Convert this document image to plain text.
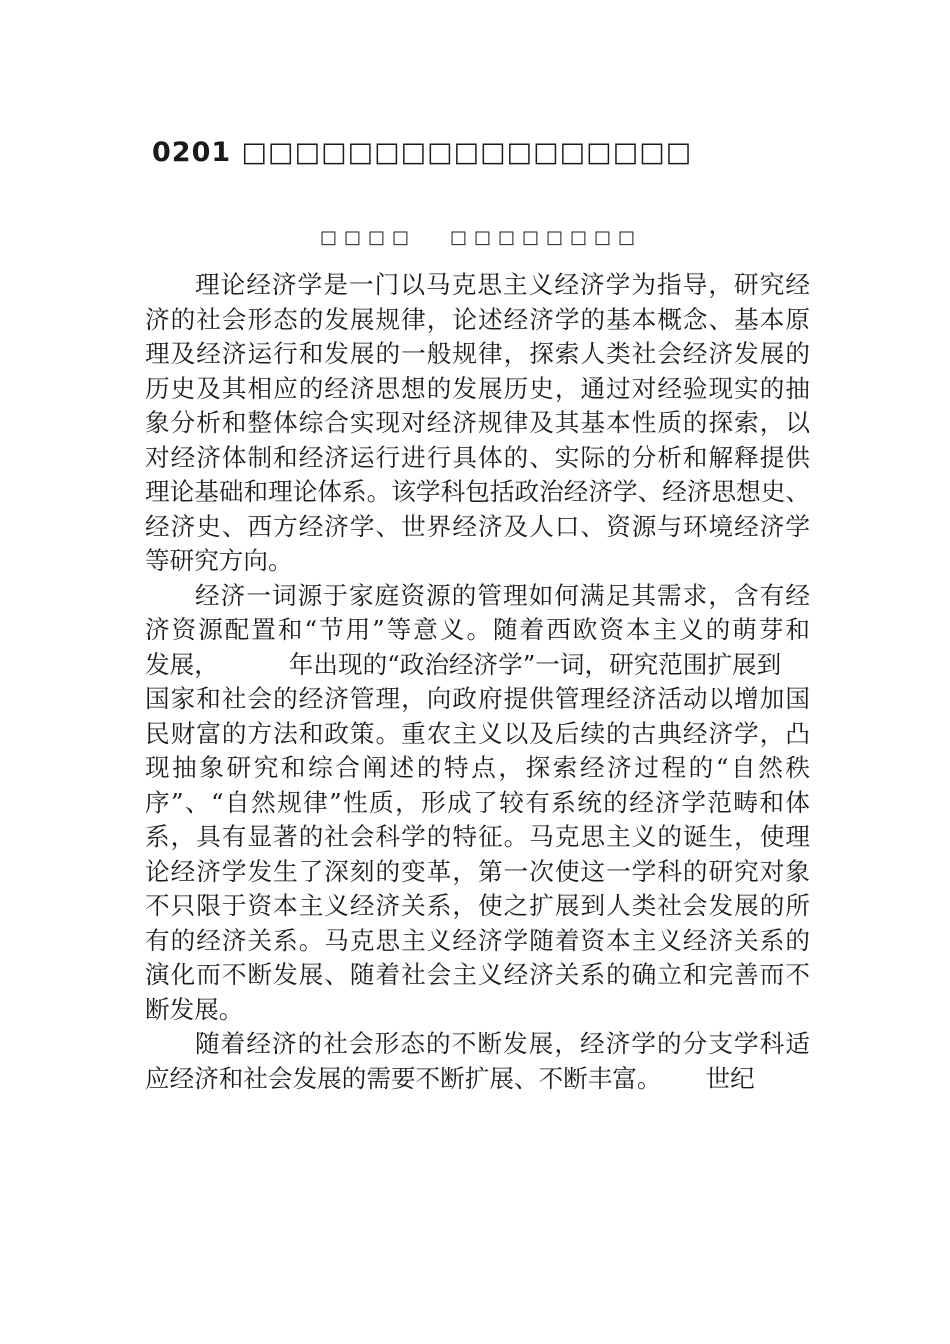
0201 □□□□□□□□□□□□□□□□□
□□□□ □□□□□□□□
理论经济学是一门以马克思主义经济学为指导，研究经
济的社会形态的发展规律，论述经济学的基本概念、基本原
理及经济运行和发展的一般规律，探索人类社会经济发展的
历史及其相应的经济思想的发展历史，通过对经验现实的抽
象分析和整体综合实现对经济规律及其基本性质的探索，以
对经济体制和经济运行进行具体的、实际的分析和解释提供
理论基础和理论体系。该学科包括政治经济学、经济思想史、
经济史、西方经济学、世界经济及人口、资源与环境经济学
等研究方向。
经济一词源于家庭资源的管理如何满足其需求，含有经
济资源配置和“节用”等意义。随着西欧资本主义的萌芽和
发展，	年出现的“政治经济学”一词，研究范围扩展到
国家和社会的经济管理，向政府提供管理经济活动以增加国
民财富的方法和政策。重农主义以及后续的古典经济学，凸
现抽象研究和综合阐述的特点，探索经济过程的“自然秩
序”、“自然规律”性质，形成了较有系统的经济学范畴和体
系，具有显著的社会科学的特征。马克思主义的诞生，使理
论经济学发生了深刻的变革，第一次使这一学科的研究对象
不只限于资本主义经济关系，使之扩展到人类社会发展的所
有的经济关系。马克思主义经济学随着资本主义经济关系的
演化而不断发展、随着社会主义经济关系的确立和完善而不
断发展。
随着经济的社会形态的不断发展，经济学的分支学科适
应经济和社会发展的需要不断扩展、不断丰富。 世纪
